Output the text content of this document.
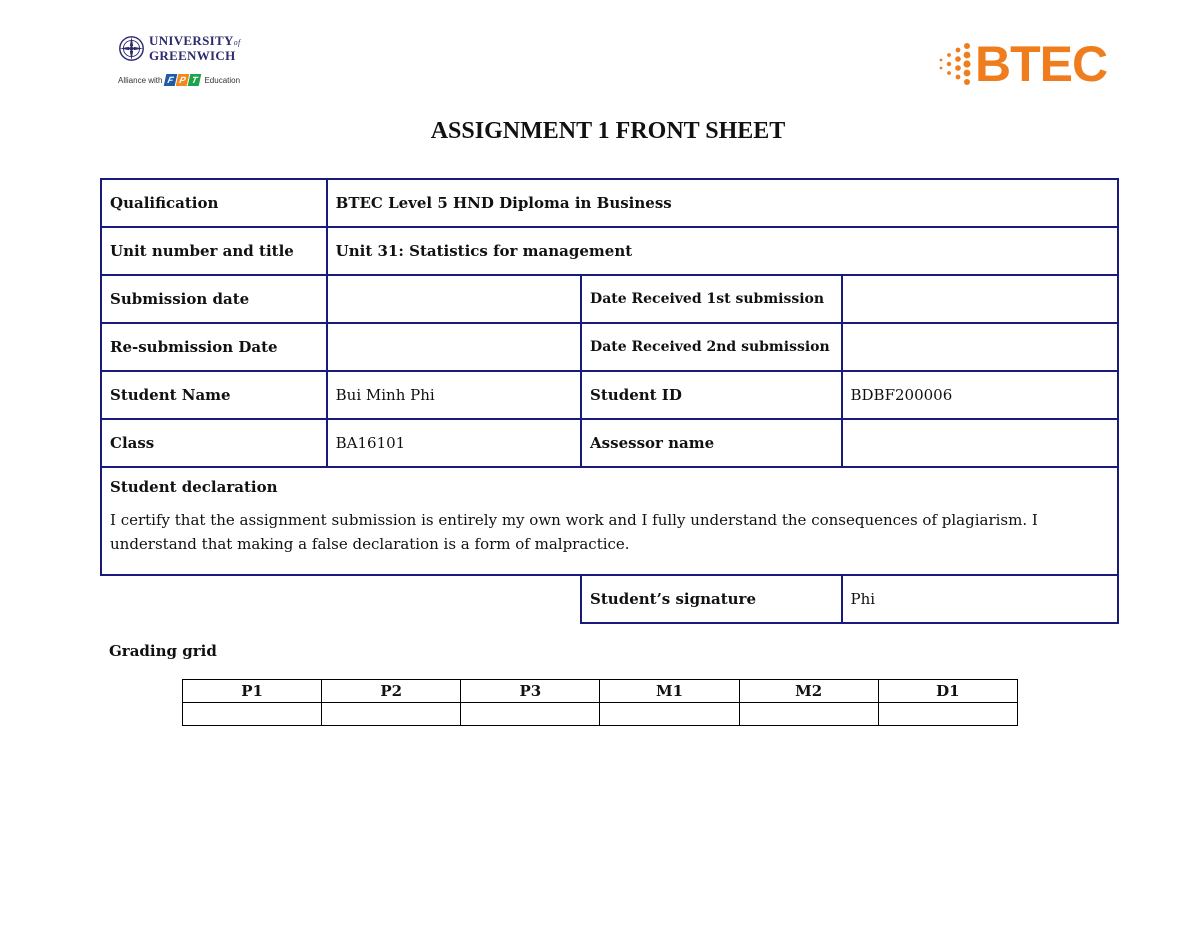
UNIVERSITYof
GREENWICH
Alliance with F P T Education	BTEC
ASSIGNMENT 1 FRONT SHEET
Qualification	BTEC Level 5 HND Diploma in Business		
Unit number and title	Unit 31: Statistics for management		
Submission date		Date Received 1st submission	
Re-submission Date		Date Received 2nd submission	
Student Name	Bui Minh Phi	Student ID	BDBF200006
Class	BA16101	Assessor name	

Student declaration
I certify that the assignment submission is entirely my own work and I fully understand the consequences of plagiarism. I understand that making a false declaration is a form of malpractice.			

		Student’s signature	Phi
Grading grid
P1	P2	P3	M1	M2	D1
